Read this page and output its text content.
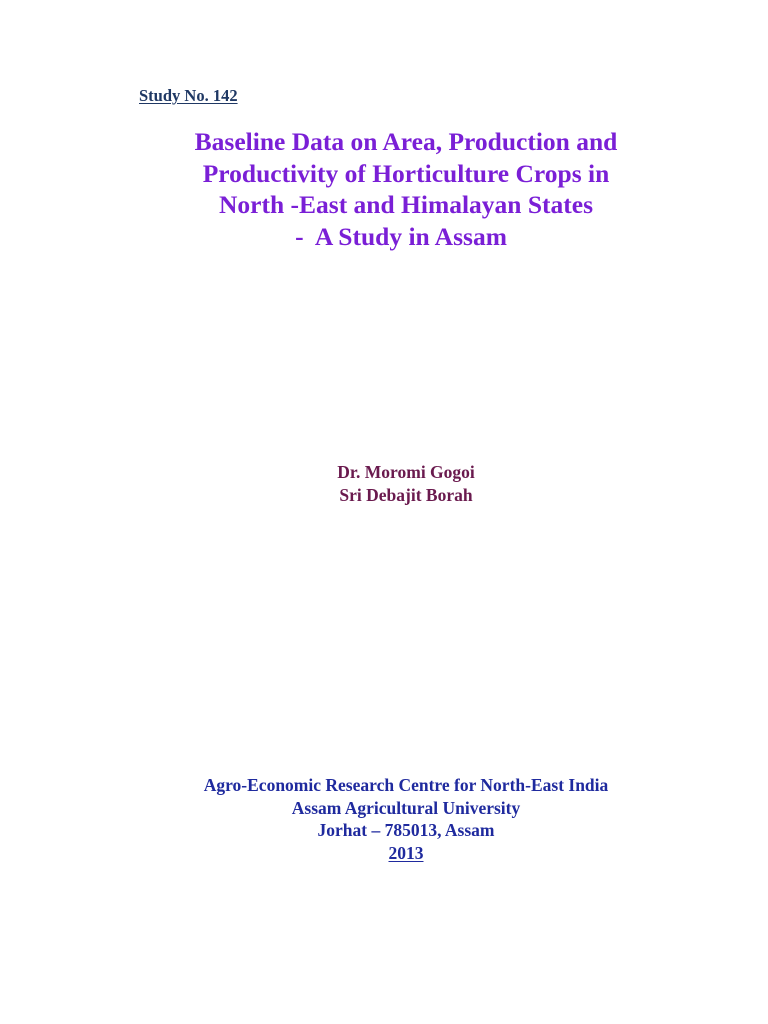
Study No. 142
Baseline Data on Area, Production and
Productivity of Horticulture Crops in
North -East and Himalayan States
-  A Study in Assam
Dr. Moromi Gogoi
Sri Debajit Borah
Agro-Economic Research Centre for North-East India
Assam Agricultural University
Jorhat – 785013, Assam
2013
